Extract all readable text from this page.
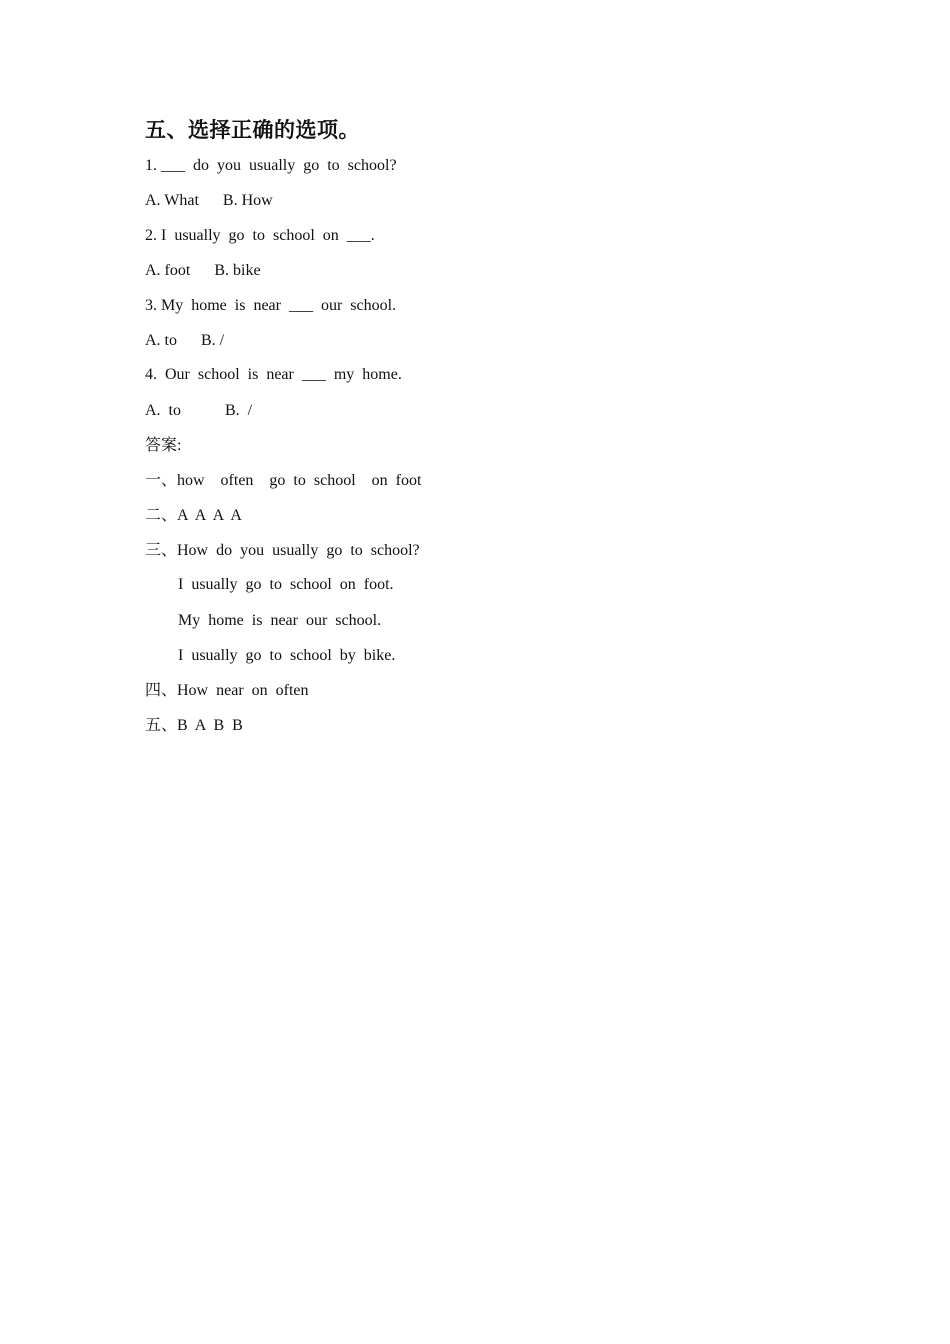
五、选择正确的选项。
1. ___  do  you  usually  go  to  school?
A. What      B. How
2. I  usually  go  to  school  on  ___.
A. foot      B. bike
3. My  home  is  near  ___  our  school.
A. to      B. /
4.  Our  school  is  near  ___  my  home.
A.  to           B.  /
答案:
一、how    often    go  to  school    on  foot
二、A  A  A  A
三、How  do  you  usually  go  to  school?
I  usually  go  to  school  on  foot.
My  home  is  near  our  school.
I  usually  go  to  school  by  bike.
四、How  near  on  often
五、B  A  B  B
